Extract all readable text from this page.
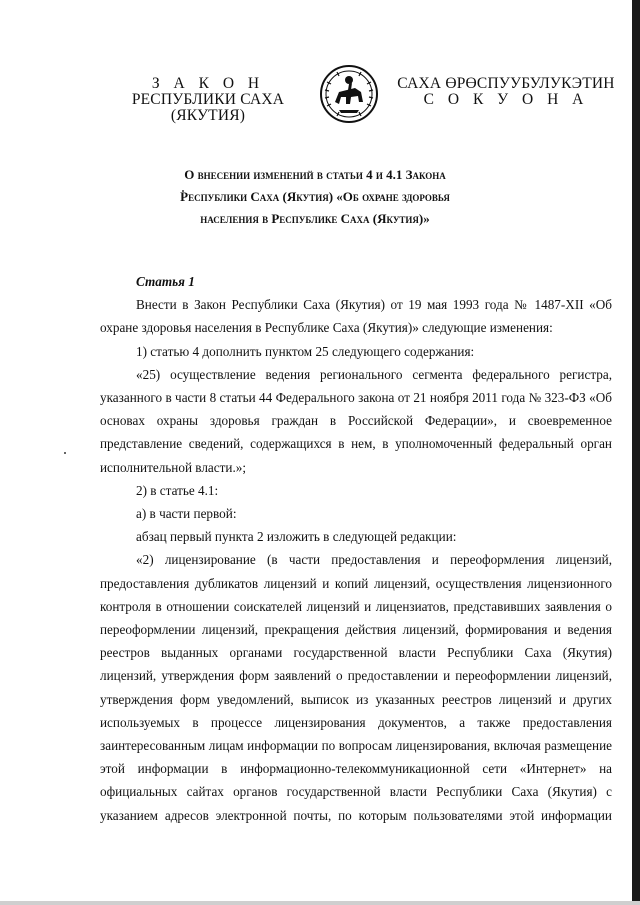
З А К О Н
РЕСПУБЛИКИ САХА (ЯКУТИЯ)
САХА ӨРӨСПУУБУЛУКЭТИН
С О К У О Н А
О внесении изменений в статьи 4 и 4.1 Закона
Республики Саха (Якутия) «Об охране здоровья
населения в Республике Саха (Якутия)»

Статья 1

Внести в Закон Республики Саха (Якутия) от 19 мая 1993 года № 1487-XII «Об охране здоровья населения в Республике Саха (Якутия)» следующие изменения:

1) статью 4 дополнить пунктом 25 следующего содержания:

«25) осуществление ведения регионального сегмента федерального регистра, указанного в части 8 статьи 44 Федерального закона от 21 ноября 2011 года № 323-ФЗ «Об основах охраны здоровья граждан в Российской Федерации», и своевременное представление сведений, содержащихся в нем, в уполномоченный федеральный орган исполнительной власти.»;

2) в статье 4.1:

а) в части первой:

абзац первый пункта 2 изложить в следующей редакции:

«2) лицензирование (в части предоставления и переоформления лицензий, предоставления дубликатов лицензий и копий лицензий, осуществления лицензионного контроля в отношении соискателей лицензий и лицензиатов, представивших заявления о переоформлении лицензий, прекращения действия лицензий, формирования и ведения реестров выданных органами государственной власти Республики Саха (Якутия) лицензий, утверждения форм заявлений о предоставлении и переоформлении лицензий, утверждения форм уведомлений, выписок из указанных реестров лицензий и других используемых в процессе лицензирования документов, а также предоставления заинтересованным лицам информации по вопросам лицензирования, включая размещение этой информации в информационно-телекоммуникационной сети «Интернет» на официальных сайтах органов государственной власти Республики Саха (Якутия) с указанием адресов электронной почты, по которым пользователями этой информации
